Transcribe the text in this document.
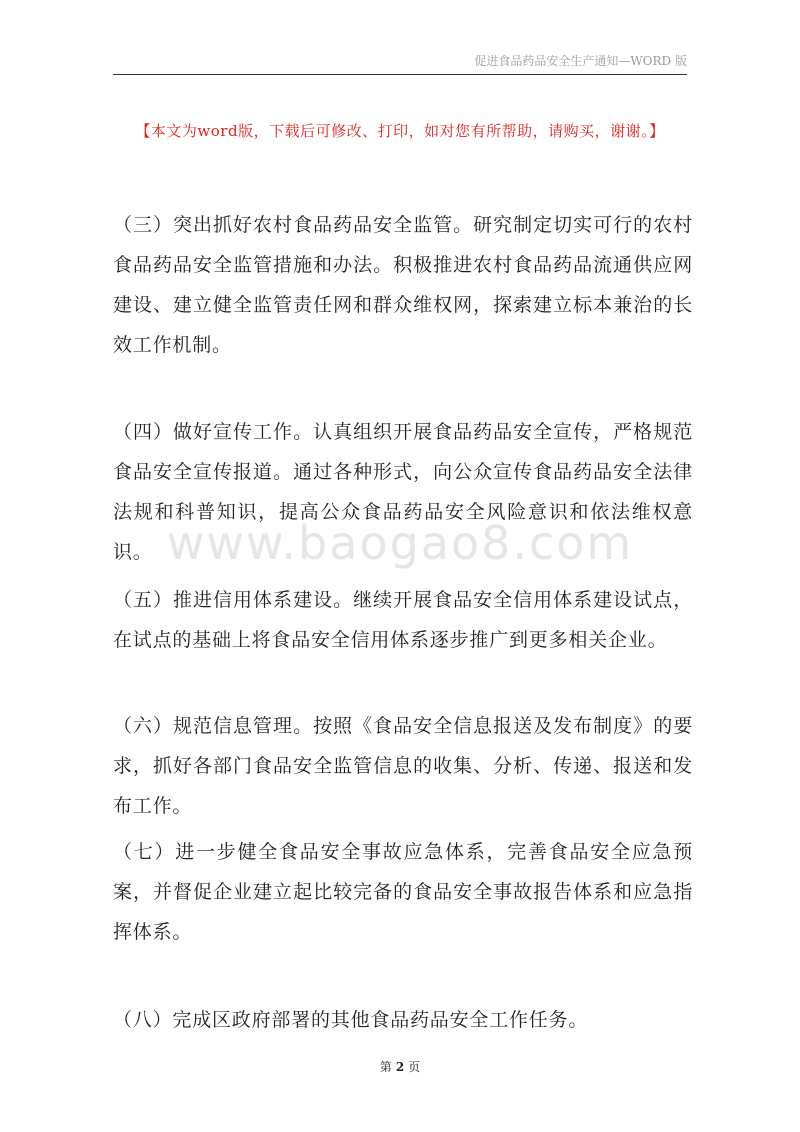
促进食品药品安全生产通知—WORD 版
【本文为word版，下载后可修改、打印，如对您有所帮助，请购买，谢谢。】
（三）突出抓好农村食品药品安全监管。研究制定切实可行的农村食品药品安全监管措施和办法。积极推进农村食品药品流通供应网建设、建立健全监管责任网和群众维权网，探索建立标本兼治的长效工作机制。
（四）做好宣传工作。认真组织开展食品药品安全宣传，严格规范食品安全宣传报道。通过各种形式，向公众宣传食品药品安全法律法规和科普知识，提高公众食品药品安全风险意识和依法维权意识。
（五）推进信用体系建设。继续开展食品安全信用体系建设试点，在试点的基础上将食品安全信用体系逐步推广到更多相关企业。
（六）规范信息管理。按照《食品安全信息报送及发布制度》的要求，抓好各部门食品安全监管信息的收集、分析、传递、报送和发布工作。
（七）进一步健全食品安全事故应急体系，完善食品安全应急预案，并督促企业建立起比较完备的食品安全事故报告体系和应急指挥体系。
（八）完成区政府部署的其他食品药品安全工作任务。
www.baogao8.com
第 2 页
